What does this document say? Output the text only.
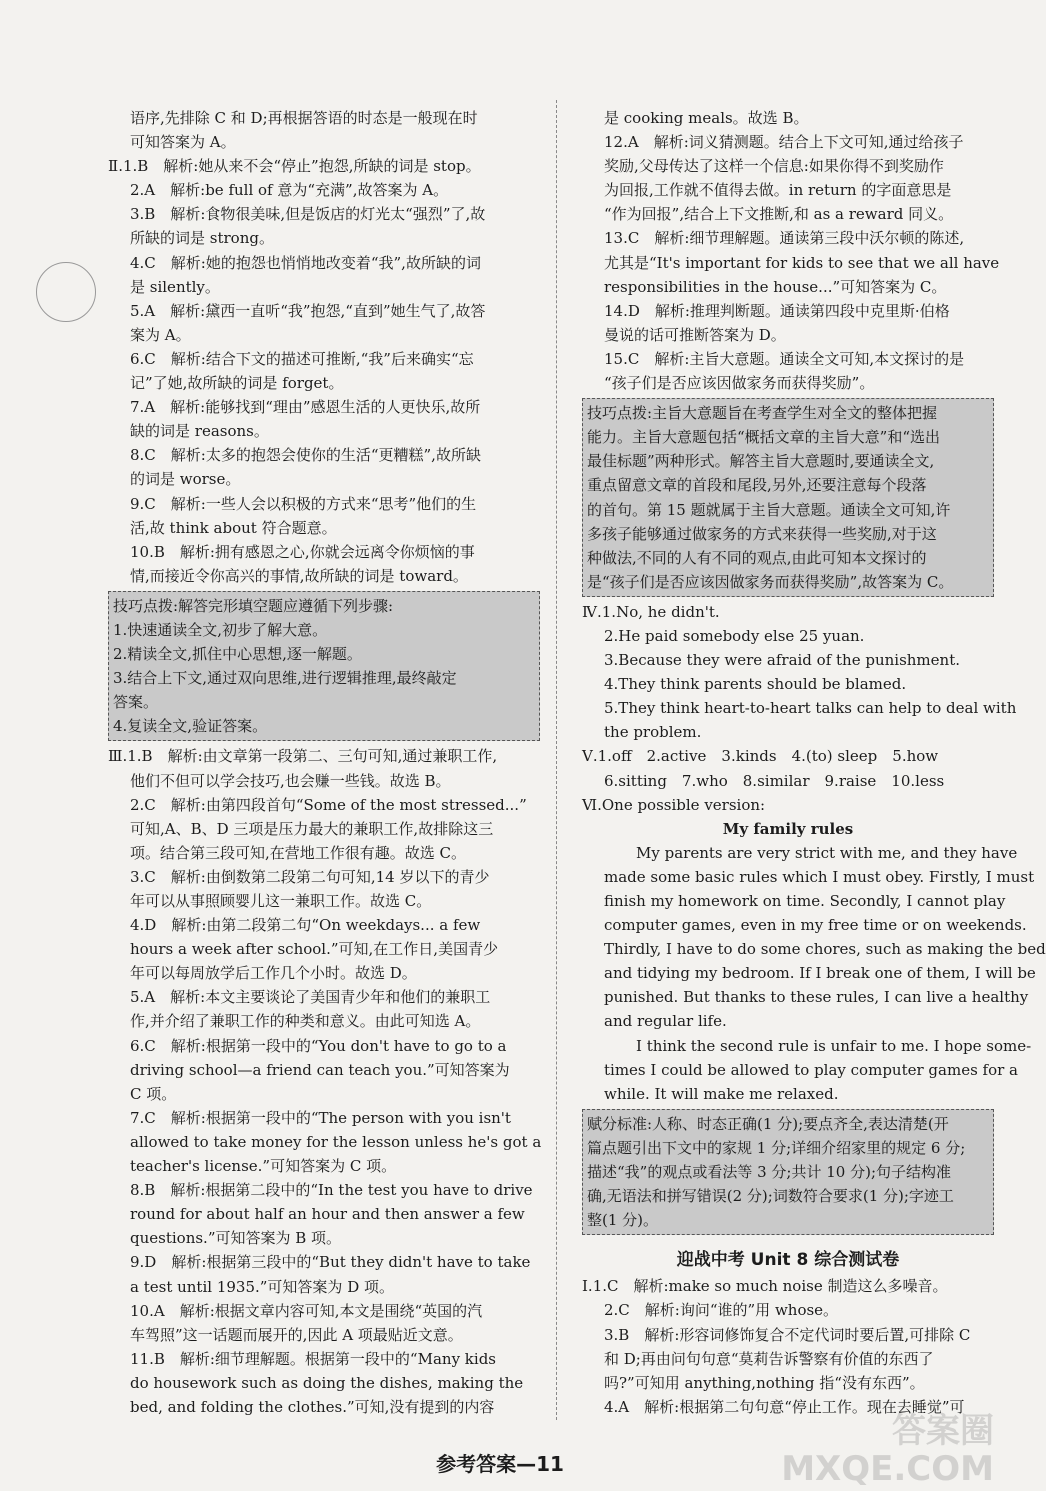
语序,先排除 C 和 D;再根据答语的时态是一般现在时
可知答案为 A。
Ⅱ.1.B　解析:她从来不会“停止”抱怨,所缺的词是 stop。
2.A　解析:be full of 意为“充满”,故答案为 A。
3.B　解析:食物很美味,但是饭店的灯光太“强烈”了,故
所缺的词是 strong。
4.C　解析:她的抱怨也悄悄地改变着“我”,故所缺的词
是 silently。
5.A　解析:黛西一直听“我”抱怨,“直到”她生气了,故答
案为 A。
6.C　解析:结合下文的描述可推断,“我”后来确实“忘
记”了她,故所缺的词是 forget。
7.A　解析:能够找到“理由”感恩生活的人更快乐,故所
缺的词是 reasons。
8.C　解析:太多的抱怨会使你的生活“更糟糕”,故所缺
的词是 worse。
9.C　解析:一些人会以积极的方式来“思考”他们的生
活,故 think about 符合题意。
10.B　解析:拥有感恩之心,你就会远离令你烦恼的事
情,而接近令你高兴的事情,故所缺的词是 toward。
技巧点拨:解答完形填空题应遵循下列步骤:
1.快速通读全文,初步了解大意。
2.精读全文,抓住中心思想,逐一解题。
3.结合上下文,通过双向思维,进行逻辑推理,最终敲定
答案。
4.复读全文,验证答案。
Ⅲ.1.B　解析:由文章第一段第二、三句可知,通过兼职工作,
他们不但可以学会技巧,也会赚一些钱。故选 B。
2.C　解析:由第四段首句“Some of the most stressed...”
可知,A、B、D 三项是压力最大的兼职工作,故排除这三
项。结合第三段可知,在营地工作很有趣。故选 C。
3.C　解析:由倒数第二段第二句可知,14 岁以下的青少
年可以从事照顾婴儿这一兼职工作。故选 C。
4.D　解析:由第二段第二句“On weekdays... a few
hours a week after school.”可知,在工作日,美国青少
年可以每周放学后工作几个小时。故选 D。
5.A　解析:本文主要谈论了美国青少年和他们的兼职工
作,并介绍了兼职工作的种类和意义。由此可知选 A。
6.C　解析:根据第一段中的“You don't have to go to a
driving school—a friend can teach you.”可知答案为
C 项。
7.C　解析:根据第一段中的“The person with you isn't
allowed to take money for the lesson unless he's got a
teacher's license.”可知答案为 C 项。
8.B　解析:根据第二段中的“In the test you have to drive
round for about half an hour and then answer a few
questions.”可知答案为 B 项。
9.D　解析:根据第三段中的“But they didn't have to take
a test until 1935.”可知答案为 D 项。
10.A　解析:根据文章内容可知,本文是围绕“英国的汽
车驾照”这一话题而展开的,因此 A 项最贴近文意。
11.B　解析:细节理解题。根据第一段中的“Many kids
do housework such as doing the dishes, making the
bed, and folding the clothes.”可知,没有提到的内容
是 cooking meals。故选 B。
12.A　解析:词义猜测题。结合上下文可知,通过给孩子
奖励,父母传达了这样一个信息:如果你得不到奖励作
为回报,工作就不值得去做。in return 的字面意思是
“作为回报”,结合上下文推断,和 as a reward 同义。
13.C　解析:细节理解题。通读第三段中沃尔顿的陈述,
尤其是“It's important for kids to see that we all have
responsibilities in the house...”可知答案为 C。
14.D　解析:推理判断题。通读第四段中克里斯·伯格
曼说的话可推断答案为 D。
15.C　解析:主旨大意题。通读全文可知,本文探讨的是
“孩子们是否应该因做家务而获得奖励”。
技巧点拨:主旨大意题旨在考查学生对全文的整体把握
能力。主旨大意题包括“概括文章的主旨大意”和“选出
最佳标题”两种形式。解答主旨大意题时,要通读全文,
重点留意文章的首段和尾段,另外,还要注意每个段落
的首句。第 15 题就属于主旨大意题。通读全文可知,许
多孩子能够通过做家务的方式来获得一些奖励,对于这
种做法,不同的人有不同的观点,由此可知本文探讨的
是“孩子们是否应该因做家务而获得奖励”,故答案为 C。
Ⅳ.1.No, he didn't.
2.He paid somebody else 25 yuan.
3.Because they were afraid of the punishment.
4.They think parents should be blamed.
5.They think heart-to-heart talks can help to deal with
the problem.
Ⅴ.1.off　2.active　3.kinds　4.(to) sleep　5.how
6.sitting　7.who　8.similar　9.raise　10.less
Ⅵ.One possible version:
My family rules
My parents are very strict with me, and they have
made some basic rules which I must obey. Firstly, I must
finish my homework on time. Secondly, I cannot play
computer games, even in my free time or on weekends.
Thirdly, I have to do some chores, such as making the bed
and tidying my bedroom. If I break one of them, I will be
punished. But thanks to these rules, I can live a healthy
and regular life.
I think the second rule is unfair to me. I hope some-
times I could be allowed to play computer games for a
while. It will make me relaxed.
赋分标准:人称、时态正确(1 分);要点齐全,表达清楚(开
篇点题引出下文中的家规 1 分;详细介绍家里的规定 6 分;
描述“我”的观点或看法等 3 分;共计 10 分);句子结构准
确,无语法和拼写错误(2 分);词数符合要求(1 分);字迹工
整(1 分)。
迎战中考 Unit 8 综合测试卷
Ⅰ.1.C　解析:make so much noise 制造这么多噪音。
2.C　解析:询问“谁的”用 whose。
3.B　解析:形容词修饰复合不定代词时要后置,可排除 C
和 D;再由问句句意“莫莉告诉警察有价值的东西了
吗?”可知用 anything,nothing 指“没有东西”。
4.A　解析:根据第二句句意“停止工作。现在去睡觉”可
参考答案—11
答案圈
MXQE.COM
